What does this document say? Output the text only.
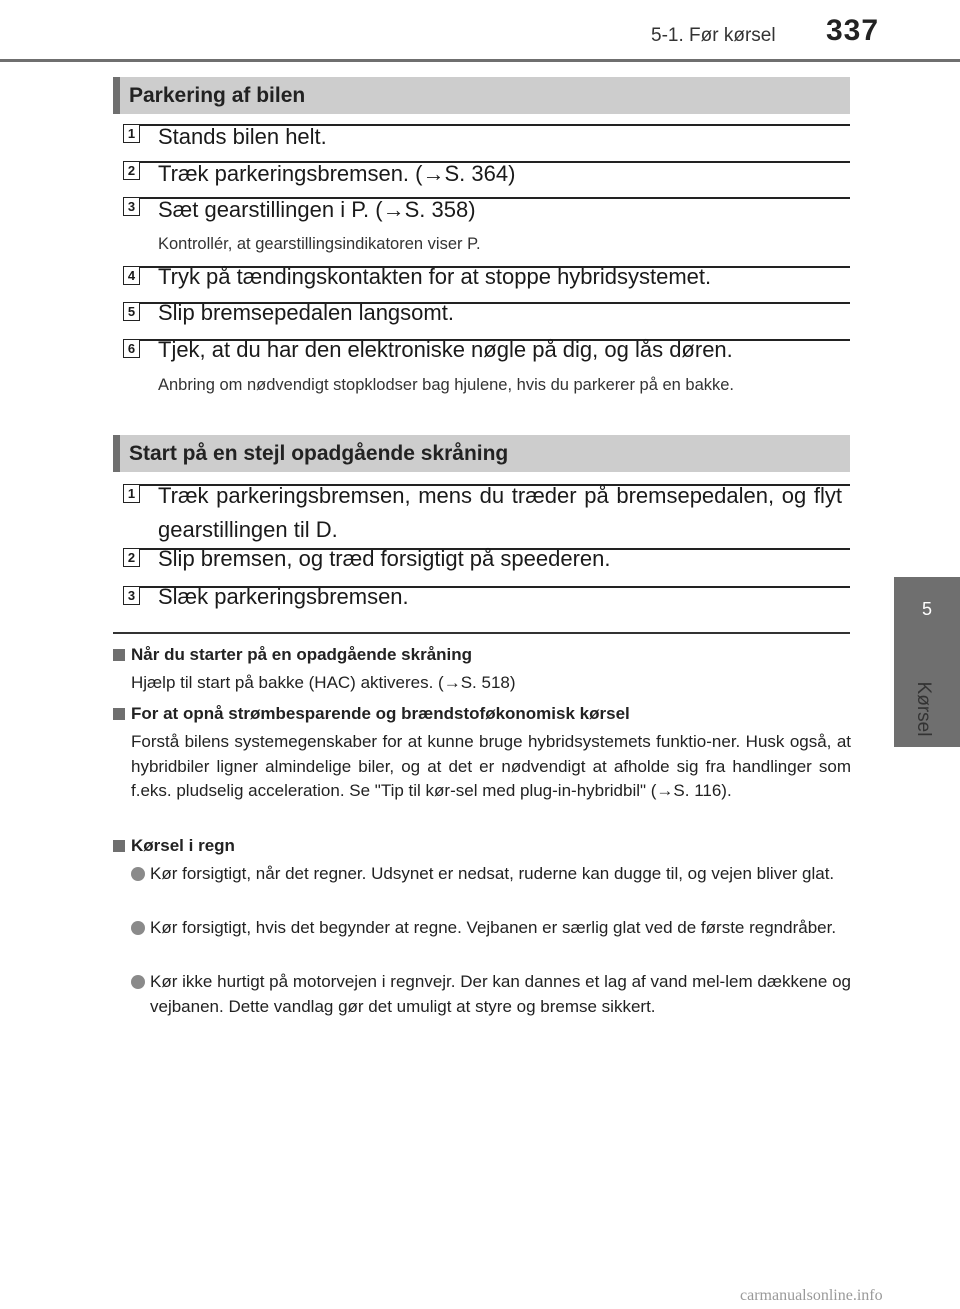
5-1. Før kørsel 337
5
Kørsel
Parkering af bilen
1 Stands bilen helt.
2 Træk parkeringsbremsen. (→S. 364)
3 Sæt gearstillingen i P. (→S. 358)
Kontrollér, at gearstillingsindikatoren viser P.
4 Tryk på tændingskontakten for at stoppe hybridsystemet.
5 Slip bremsepedalen langsomt.
6 Tjek, at du har den elektroniske nøgle på dig, og lås døren.
Anbring om nødvendigt stopklodser bag hjulene, hvis du parkerer på en bakke.
Start på en stejl opadgående skråning
1 Træk parkeringsbremsen, mens du træder på bremsepedalen, og flyt gearstillingen til D.
2 Slip bremsen, og træd forsigtigt på speederen.
3 Slæk parkeringsbremsen.
Når du starter på en opadgående skråning
Hjælp til start på bakke (HAC) aktiveres. (→S. 518)
For at opnå strømbesparende og brændstoføkonomisk kørsel
Forstå bilens systemegenskaber for at kunne bruge hybridsystemets funktio-ner. Husk også, at hybridbiler ligner almindelige biler, og at det er nødvendigt at afholde sig fra handlinger som f.eks. pludselig acceleration. Se "Tip til kør-sel med plug-in-hybridbil" (→S. 116).
Kørsel i regn
Kør forsigtigt, når det regner. Udsynet er nedsat, ruderne kan dugge til, og vejen bliver glat.
Kør forsigtigt, hvis det begynder at regne. Vejbanen er særlig glat ved de første regndråber.
Kør ikke hurtigt på motorvejen i regnvejr. Der kan dannes et lag af vand mel-lem dækkene og vejbanen. Dette vandlag gør det umuligt at styre og bremse sikkert.
carmanualsonline.info
